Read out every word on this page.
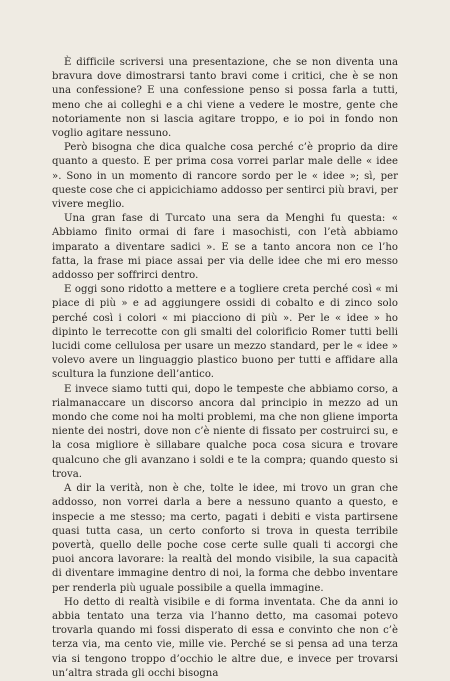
È difficile scriversi una presentazione, che se non diventa una bravura dove dimostrarsi tanto bravi come i critici, che è se non una confessione? E una confessione penso si possa farla a tutti, meno che ai colleghi e a chi viene a vedere le mostre, gente che notoriamente non si lascia agitare troppo, e io poi in fondo non voglio agitare nessuno.

Però bisogna che dica qualche cosa perché c’è proprio da dire quanto a questo. E per prima cosa vorrei parlar male delle « idee ». Sono in un momento di rancore sordo per le « idee »; sì, per queste cose che ci appicichiamo addosso per sentirci più bravi, per vivere meglio.

Una gran fase di Turcato una sera da Menghi fu questa: « Abbiamo finito ormai di fare i masochisti, con l’età abbiamo imparato a diventare sadici ». E se a tanto ancora non ce l’ho fatta, la frase mi piace assai per via delle idee che mi ero messo addosso per soffrirci dentro.

E oggi sono ridotto a mettere e a togliere creta perché così « mi piace di più » e ad aggiungere ossidi di cobalto e di zinco solo perché così i colori « mi piacciono di più ». Per le « idee » ho dipinto le terrecotte con gli smalti del colorificio Romer tutti belli lucidi come cellulosa per usare un mezzo standard, per le « idee » volevo avere un linguaggio plastico buono per tutti e affidare alla scultura la funzione dell’antico.

E invece siamo tutti qui, dopo le tempeste che abbiamo corso, a rialmanaccare un discorso ancora dal principio in mezzo ad un mondo che come noi ha molti problemi, ma che non gliene importa niente dei nostri, dove non c’è niente di fissato per costruirci su, e la cosa migliore è sillabare qualche poca cosa sicura e trovare qualcuno che gli avanzano i soldi e te la compra; quando questo si trova.

A dir la verità, non è che, tolte le idee, mi trovo un gran che addosso, non vorrei darla a bere a nessuno quanto a questo, e inspecie a me stesso; ma certo, pagati i debiti e vista partirsene quasi tutta casa, un certo conforto si trova in questa terribile povertà, quello delle poche cose certe sulle quali ti accorgi che puoi ancora lavorare: la realtà del mondo visibile, la sua capacità di diventare immagine dentro di noi, la forma che debbo inventare per renderla più uguale possibile a quella immagine.

Ho detto di realtà visibile e di forma inventata. Che da anni io abbia tentato una terza via l’hanno detto, ma casomai potevo trovarla quando mi fossi disperato di essa e convinto che non c’è terza via, ma cento vie, mille vie. Perché se si pensa ad una terza via si tengono troppo d’occhio le altre due, e invece per trovarsi un’altra strada gli occhi bisogna
